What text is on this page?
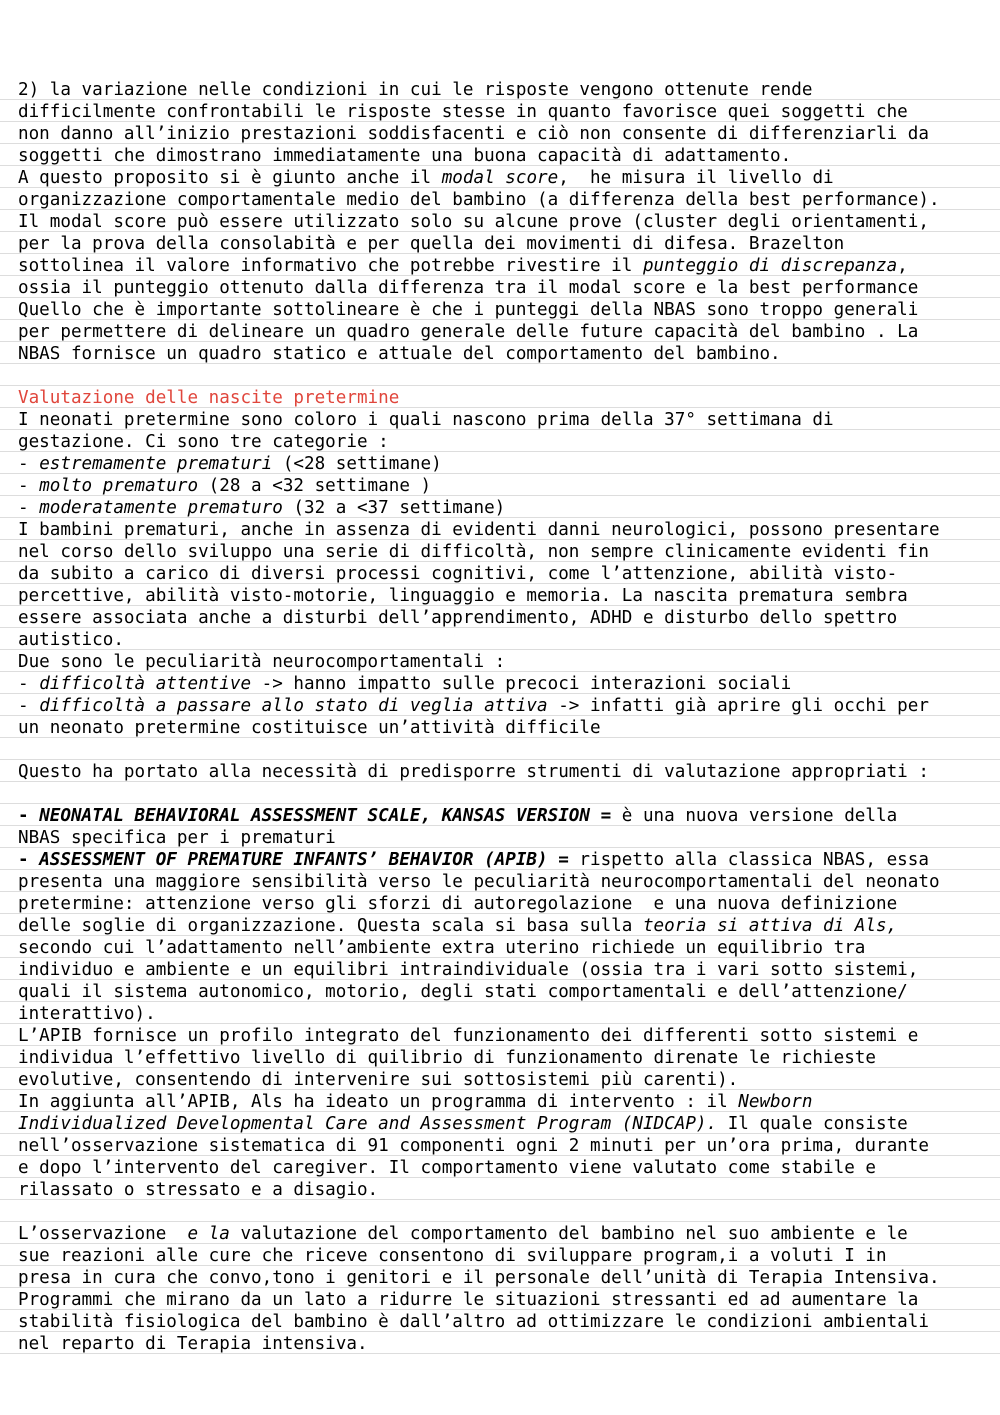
2) la variazione nelle condizioni in cui le risposte vengono ottenute rende
difficilmente confrontabili le risposte stesse in quanto favorisce quei soggetti che
non danno all’inizio prestazioni soddisfacenti e ciò non consente di differenziarli da
soggetti che dimostrano immediatamente una buona capacità di adattamento.
A questo proposito si è giunto anche il modal score,  he misura il livello di
organizzazione comportamentale medio del bambino (a differenza della best performance).
Il modal score può essere utilizzato solo su alcune prove (cluster degli orientamenti,
per la prova della consolabità e per quella dei movimenti di difesa. Brazelton
sottolinea il valore informativo che potrebbe rivestire il punteggio di discrepanza,
ossia il punteggio ottenuto dalla differenza tra il modal score e la best performance
Quello che è importante sottolineare è che i punteggi della NBAS sono troppo generali
per permettere di delineare un quadro generale delle future capacità del bambino . La
NBAS fornisce un quadro statico e attuale del comportamento del bambino.
Valutazione delle nascite pretermine
I neonati pretermine sono coloro i quali nascono prima della 37° settimana di
gestazione. Ci sono tre categorie :
- estremamente prematuri (<28 settimane)
- molto prematuro (28 a <32 settimane )
- moderatamente prematuro (32 a <37 settimane)
I bambini prematuri, anche in assenza di evidenti danni neurologici, possono presentare
nel corso dello sviluppo una serie di difficoltà, non sempre clinicamente evidenti fin
da subito a carico di diversi processi cognitivi, come l’attenzione, abilità visto-
percettive, abilità visto-motorie, linguaggio e memoria. La nascita prematura sembra
essere associata anche a disturbi dell’apprendimento, ADHD e disturbo dello spettro
autistico.
Due sono le peculiarità neurocomportamentali :
- difficoltà attentive -> hanno impatto sulle precoci interazioni sociali
- difficoltà a passare allo stato di veglia attiva -> infatti già aprire gli occhi per
un neonato pretermine costituisce un’attività difficile
Questo ha portato alla necessità di predisporre strumenti di valutazione appropriati :
- NEONATAL BEHAVIORAL ASSESSMENT SCALE, KANSAS VERSION = è una nuova versione della
NBAS specifica per i prematuri
- ASSESSMENT OF PREMATURE INFANTS’ BEHAVIOR (APIB) = rispetto alla classica NBAS, essa
presenta una maggiore sensibilità verso le peculiarità neurocomportamentali del neonato
pretermine: attenzione verso gli sforzi di autoregolazione  e una nuova definizione
delle soglie di organizzazione. Questa scala si basa sulla teoria si attiva di Als,
secondo cui l’adattamento nell’ambiente extra uterino richiede un equilibrio tra
individuo e ambiente e un equilibri intraindividuale (ossia tra i vari sotto sistemi,
quali il sistema autonomico, motorio, degli stati comportamentali e dell’attenzione/
interattivo).
L’APIB fornisce un profilo integrato del funzionamento dei differenti sotto sistemi e
individua l’effettivo livello di quilibrio di funzionamento direnate le richieste
evolutive, consentendo di intervenire sui sottosistemi più carenti).
In aggiunta all’APIB, Als ha ideato un programma di intervento : il Newborn
Individualized Developmental Care and Assessment Program (NIDCAP). Il quale consiste
nell’osservazione sistematica di 91 componenti ogni 2 minuti per un’ora prima, durante
e dopo l’intervento del caregiver. Il comportamento viene valutato come stabile e
rilassato o stressato e a disagio.
L’osservazione  e la valutazione del comportamento del bambino nel suo ambiente e le
sue reazioni alle cure che riceve consentono di sviluppare program,i a voluti I in
presa in cura che convo,tono i genitori e il personale dell’unità di Terapia Intensiva.
Programmi che mirano da un lato a ridurre le situazioni stressanti ed ad aumentare la
stabilità fisiologica del bambino è dall’altro ad ottimizzare le condizioni ambientali
nel reparto di Terapia intensiva.
